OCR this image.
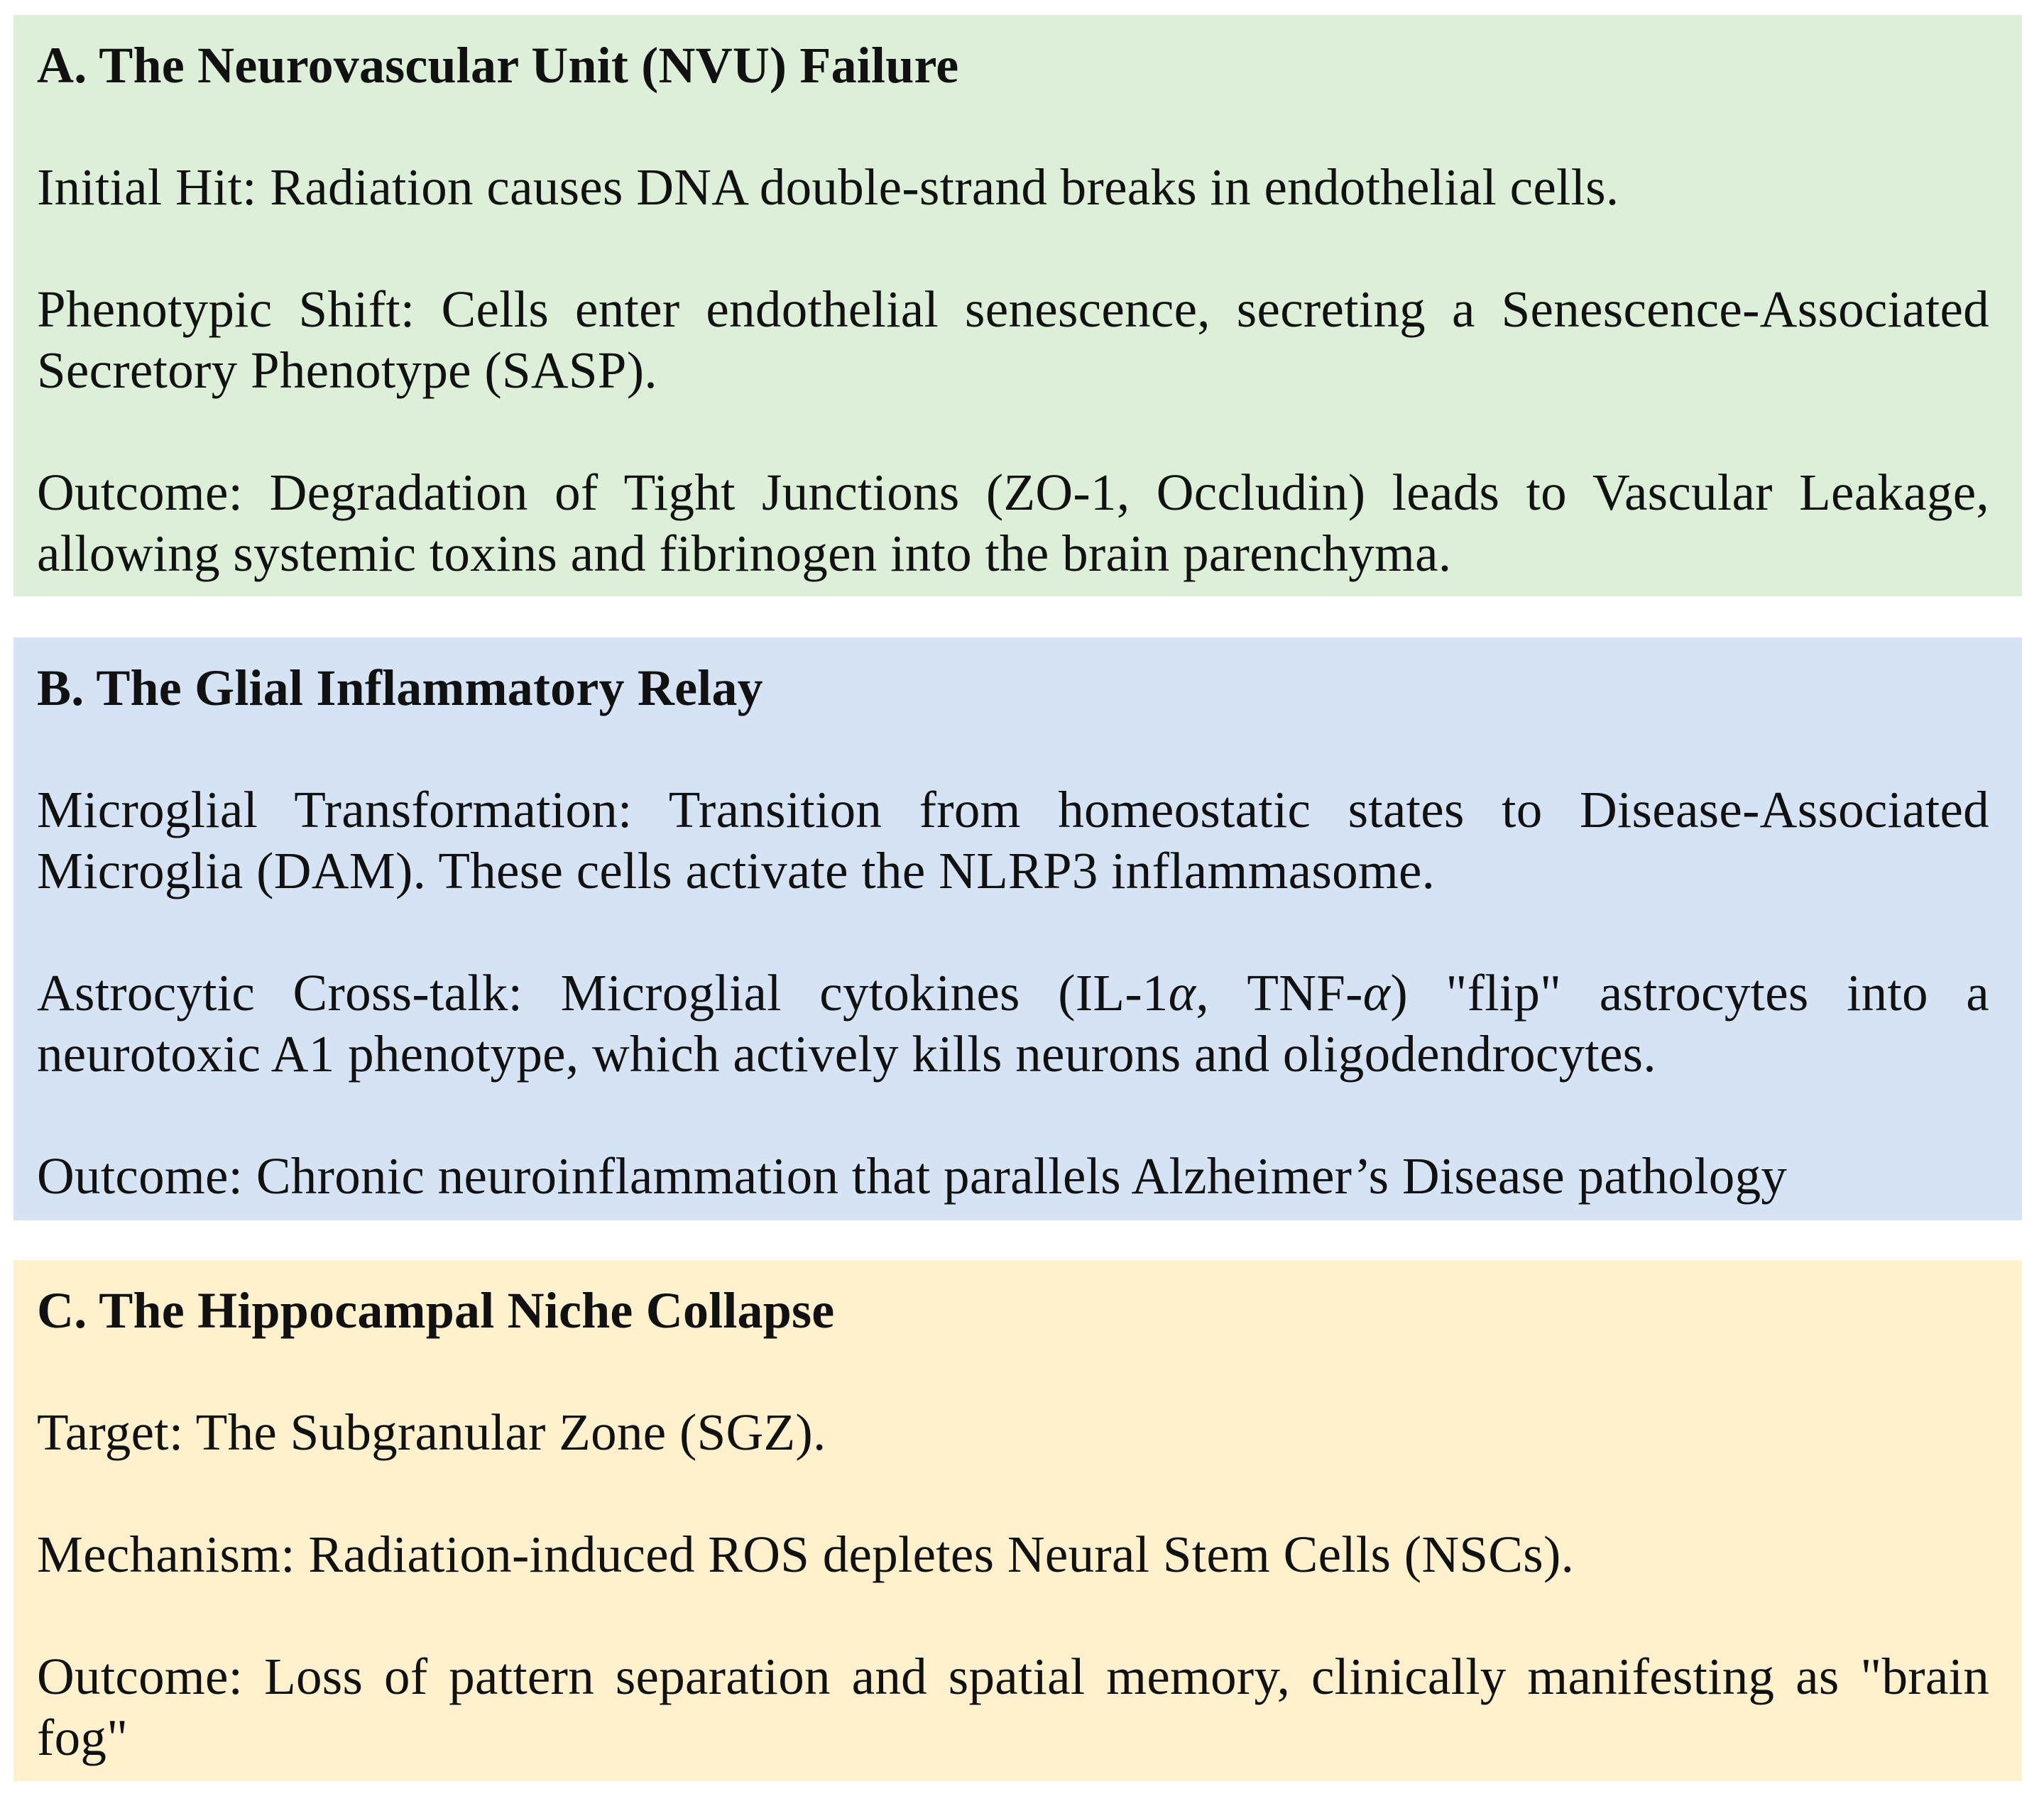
A. The Neurovascular Unit (NVU) Failure

Initial Hit: Radiation causes DNA double-strand breaks in endothelial cells.

Phenotypic Shift: Cells enter endothelial senescence, secreting a Senescence-Associated Secretory Phenotype (SASP).

Outcome: Degradation of Tight Junctions (ZO-1, Occludin) leads to Vascular Leakage, allowing systemic toxins and fibrinogen into the brain parenchyma.

B. The Glial Inflammatory Relay

Microglial Transformation: Transition from homeostatic states to Disease-Associated Microglia (DAM). These cells activate the NLRP3 inflammasome.

Astrocytic Cross-talk: Microglial cytokines (IL-1α, TNF-α) "flip" astrocytes into a neurotoxic A1 phenotype, which actively kills neurons and oligodendrocytes.

Outcome: Chronic neuroinflammation that parallels Alzheimer’s Disease pathology

C. The Hippocampal Niche Collapse

Target: The Subgranular Zone (SGZ).

Mechanism: Radiation-induced ROS depletes Neural Stem Cells (NSCs).

Outcome: Loss of pattern separation and spatial memory, clinically manifesting as "brain fog"
